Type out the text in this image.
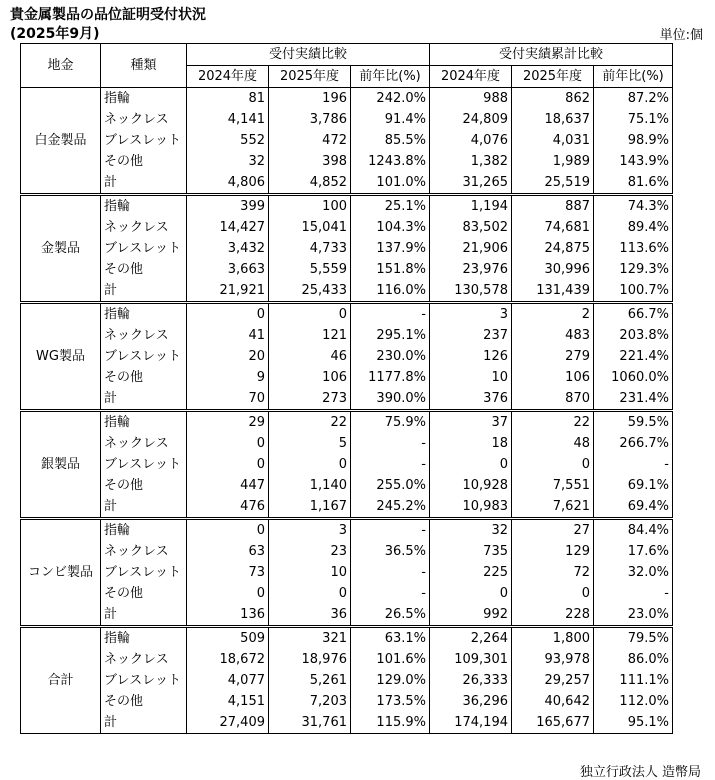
貴金属製品の品位証明受付状況
(2025年9月)	単位:個
地金	種類	受付実績比較			受付実績累計比較		
		2024年度	2025年度	前年比(%)	2024年度	2025年度	前年比(%)
白金製品	指輪	81	196	242.0%	988	862	87.2%
	ネックレス	4,141	3,786	91.4%	24,809	18,637	75.1%
	ブレスレット	552	472	85.5%	4,076	4,031	98.9%
	その他	32	398	1243.8%	1,382	1,989	143.9%
	計	4,806	4,852	101.0%	31,265	25,519	81.6%
金製品	指輪	399	100	25.1%	1,194	887	74.3%
	ネックレス	14,427	15,041	104.3%	83,502	74,681	89.4%
	ブレスレット	3,432	4,733	137.9%	21,906	24,875	113.6%
	その他	3,663	5,559	151.8%	23,976	30,996	129.3%
	計	21,921	25,433	116.0%	130,578	131,439	100.7%
WG製品	指輪	0	0	-	3	2	66.7%
	ネックレス	41	121	295.1%	237	483	203.8%
	ブレスレット	20	46	230.0%	126	279	221.4%
	その他	9	106	1177.8%	10	106	1060.0%
	計	70	273	390.0%	376	870	231.4%
銀製品	指輪	29	22	75.9%	37	22	59.5%
	ネックレス	0	5	-	18	48	266.7%
	ブレスレット	0	0	-	0	0	-
	その他	447	1,140	255.0%	10,928	7,551	69.1%
	計	476	1,167	245.2%	10,983	7,621	69.4%
コンビ製品	指輪	0	3	-	32	27	84.4%
	ネックレス	63	23	36.5%	735	129	17.6%
	ブレスレット	73	10	-	225	72	32.0%
	その他	0	0	-	0	0	-
	計	136	36	26.5%	992	228	23.0%
合計	指輪	509	321	63.1%	2,264	1,800	79.5%
	ネックレス	18,672	18,976	101.6%	109,301	93,978	86.0%
	ブレスレット	4,077	5,261	129.0%	26,333	29,257	111.1%
	その他	4,151	7,203	173.5%	36,296	40,642	112.0%
	計	27,409	31,761	115.9%	174,194	165,677	95.1%
独立行政法人 造幣局
